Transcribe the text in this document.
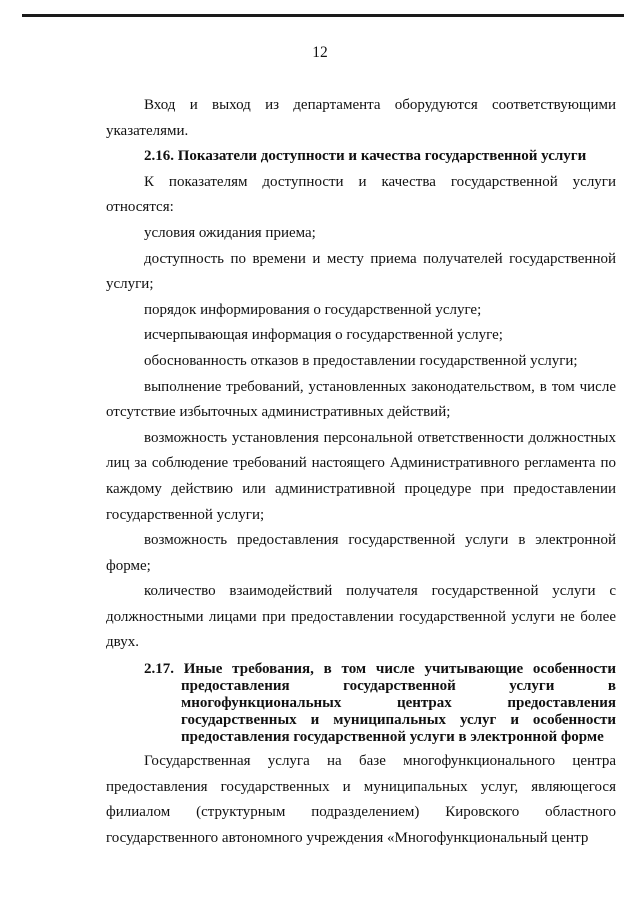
12

Вход и выход из департамента оборудуются соответствующими указателями.

2.16. Показатели доступности и качества государственной услуги

К показателям доступности и качества государственной услуги относятся:

условия ожидания приема;

доступность по времени и месту приема получателей государственной услуги;

порядок информирования о государственной услуге;

исчерпывающая информация о государственной услуге;

обоснованность отказов в предоставлении государственной услуги;

выполнение требований, установленных законодательством, в том числе отсутствие избыточных административных действий;

возможность установления персональной ответственности должностных лиц за соблюдение требований настоящего Административного регламента по каждому действию или административной процедуре при предоставлении государственной услуги;

возможность предоставления государственной услуги в электронной форме;

количество взаимодействий получателя государственной услуги с должностными лицами при предоставлении государственной услуги не более двух.

2.17. Иные требования, в том числе учитывающие особенности предоставления государственной услуги в многофункциональных центрах предоставления государственных и муниципальных услуг и особенности предоставления государственной услуги в электронной форме

Государственная услуга на базе многофункционального центра предоставления государственных и муниципальных услуг, являющегося филиалом (структурным подразделением) Кировского областного государственного автономного учреждения «Многофункциональный центр
